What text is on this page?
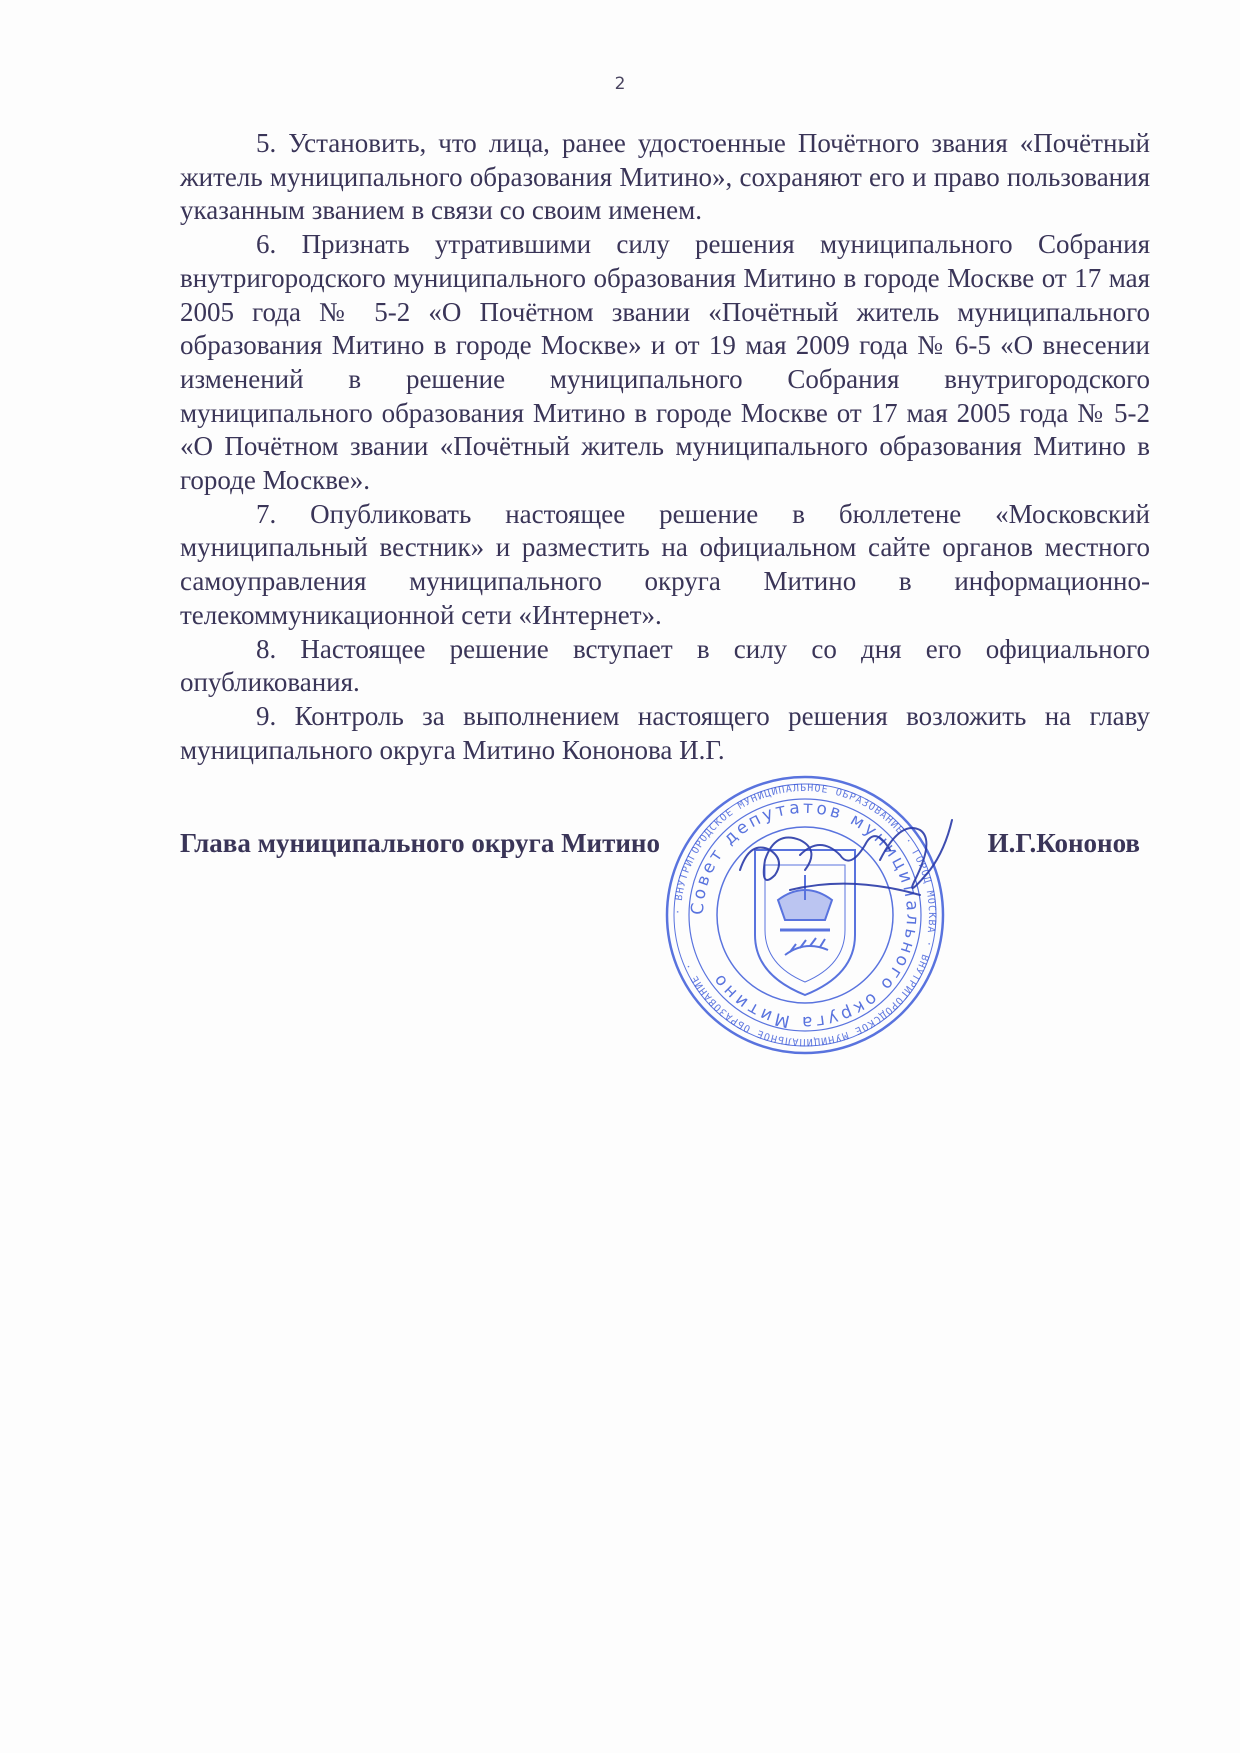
2

5. Установить, что лица, ранее удостоенные Почётного звания «Почётный житель муниципального образования Митино», сохраняют его и право пользования указанным званием в связи со своим именем.

6. Признать утратившими силу решения муниципального Собрания внутригородского муниципального образования Митино в городе Москве от 17 мая 2005 года № 5-2 «О Почётном звании «Почётный житель муниципального образования Митино в городе Москве» и от 19 мая 2009 года № 6-5 «О внесении изменений в решение муниципального Собрания внутригородского муниципального образования Митино в городе Москве от 17 мая 2005 года № 5-2 «О Почётном звании «Почётный житель муниципального образования Митино в городе Москве».

7. Опубликовать настоящее решение в бюллетене «Московский муниципальный вестник» и разместить на официальном сайте органов местного самоуправления муниципального округа Митино в информационно-телекоммуникационной сети «Интернет».

8. Настоящее решение вступает в силу со дня его официального опубликования.

9. Контроль за выполнением настоящего решения возложить на главу муниципального округа Митино Кононова И.Г.

· ВНУТРИГОРОДСКОЕ МУНИЦИПАЛЬНОЕ ОБРАЗОВАНИЕ · ГОРОД МОСКВА · ВНУТРИГОРОДСКОЕ МУНИЦИПАЛЬНОЕ ОБРАЗОВАНИЕ ·
Совет депутатов муниципального округа Митино
Глава муниципального округа Митино	И.Г.Кононов
